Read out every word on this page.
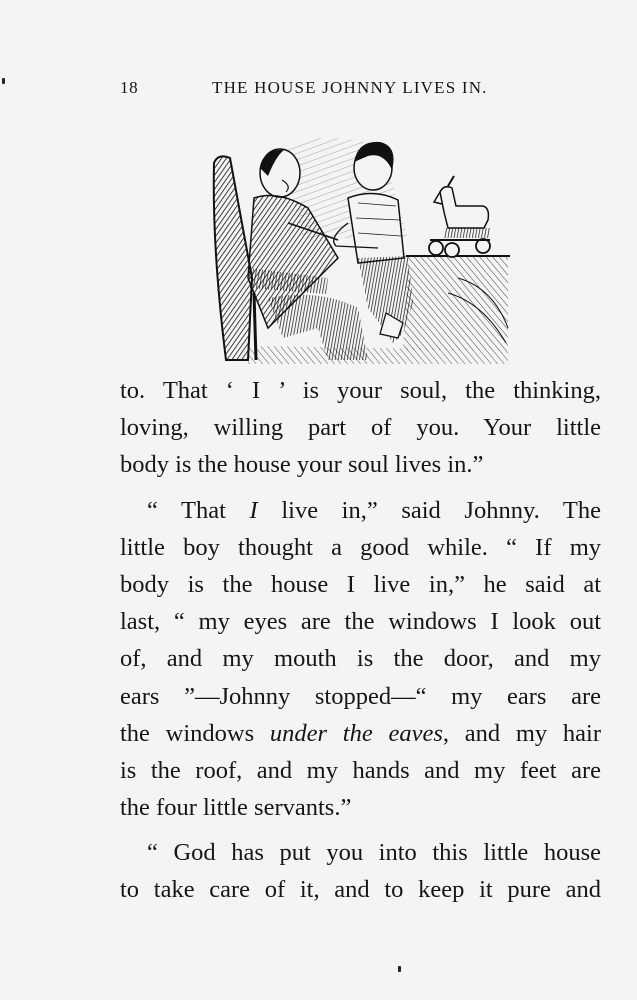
18	THE HOUSE JOHNNY LIVES IN.
to. That ‘ I ’ is your soul, the thinking,
loving, willing part of you. Your little
body is the house your soul lives in.”
“ That I live in,” said Johnny. The
little boy thought a good while. “ If my
body is the house I live in,” he said at
last, “ my eyes are the windows I look out
of, and my mouth is the door, and my
ears ”—Johnny stopped—“ my ears are
the windows under the eaves, and my hair
is the roof, and my hands and my feet are
the four little servants.”
“ God has put you into this little house
to take care of it, and to keep it pure and
